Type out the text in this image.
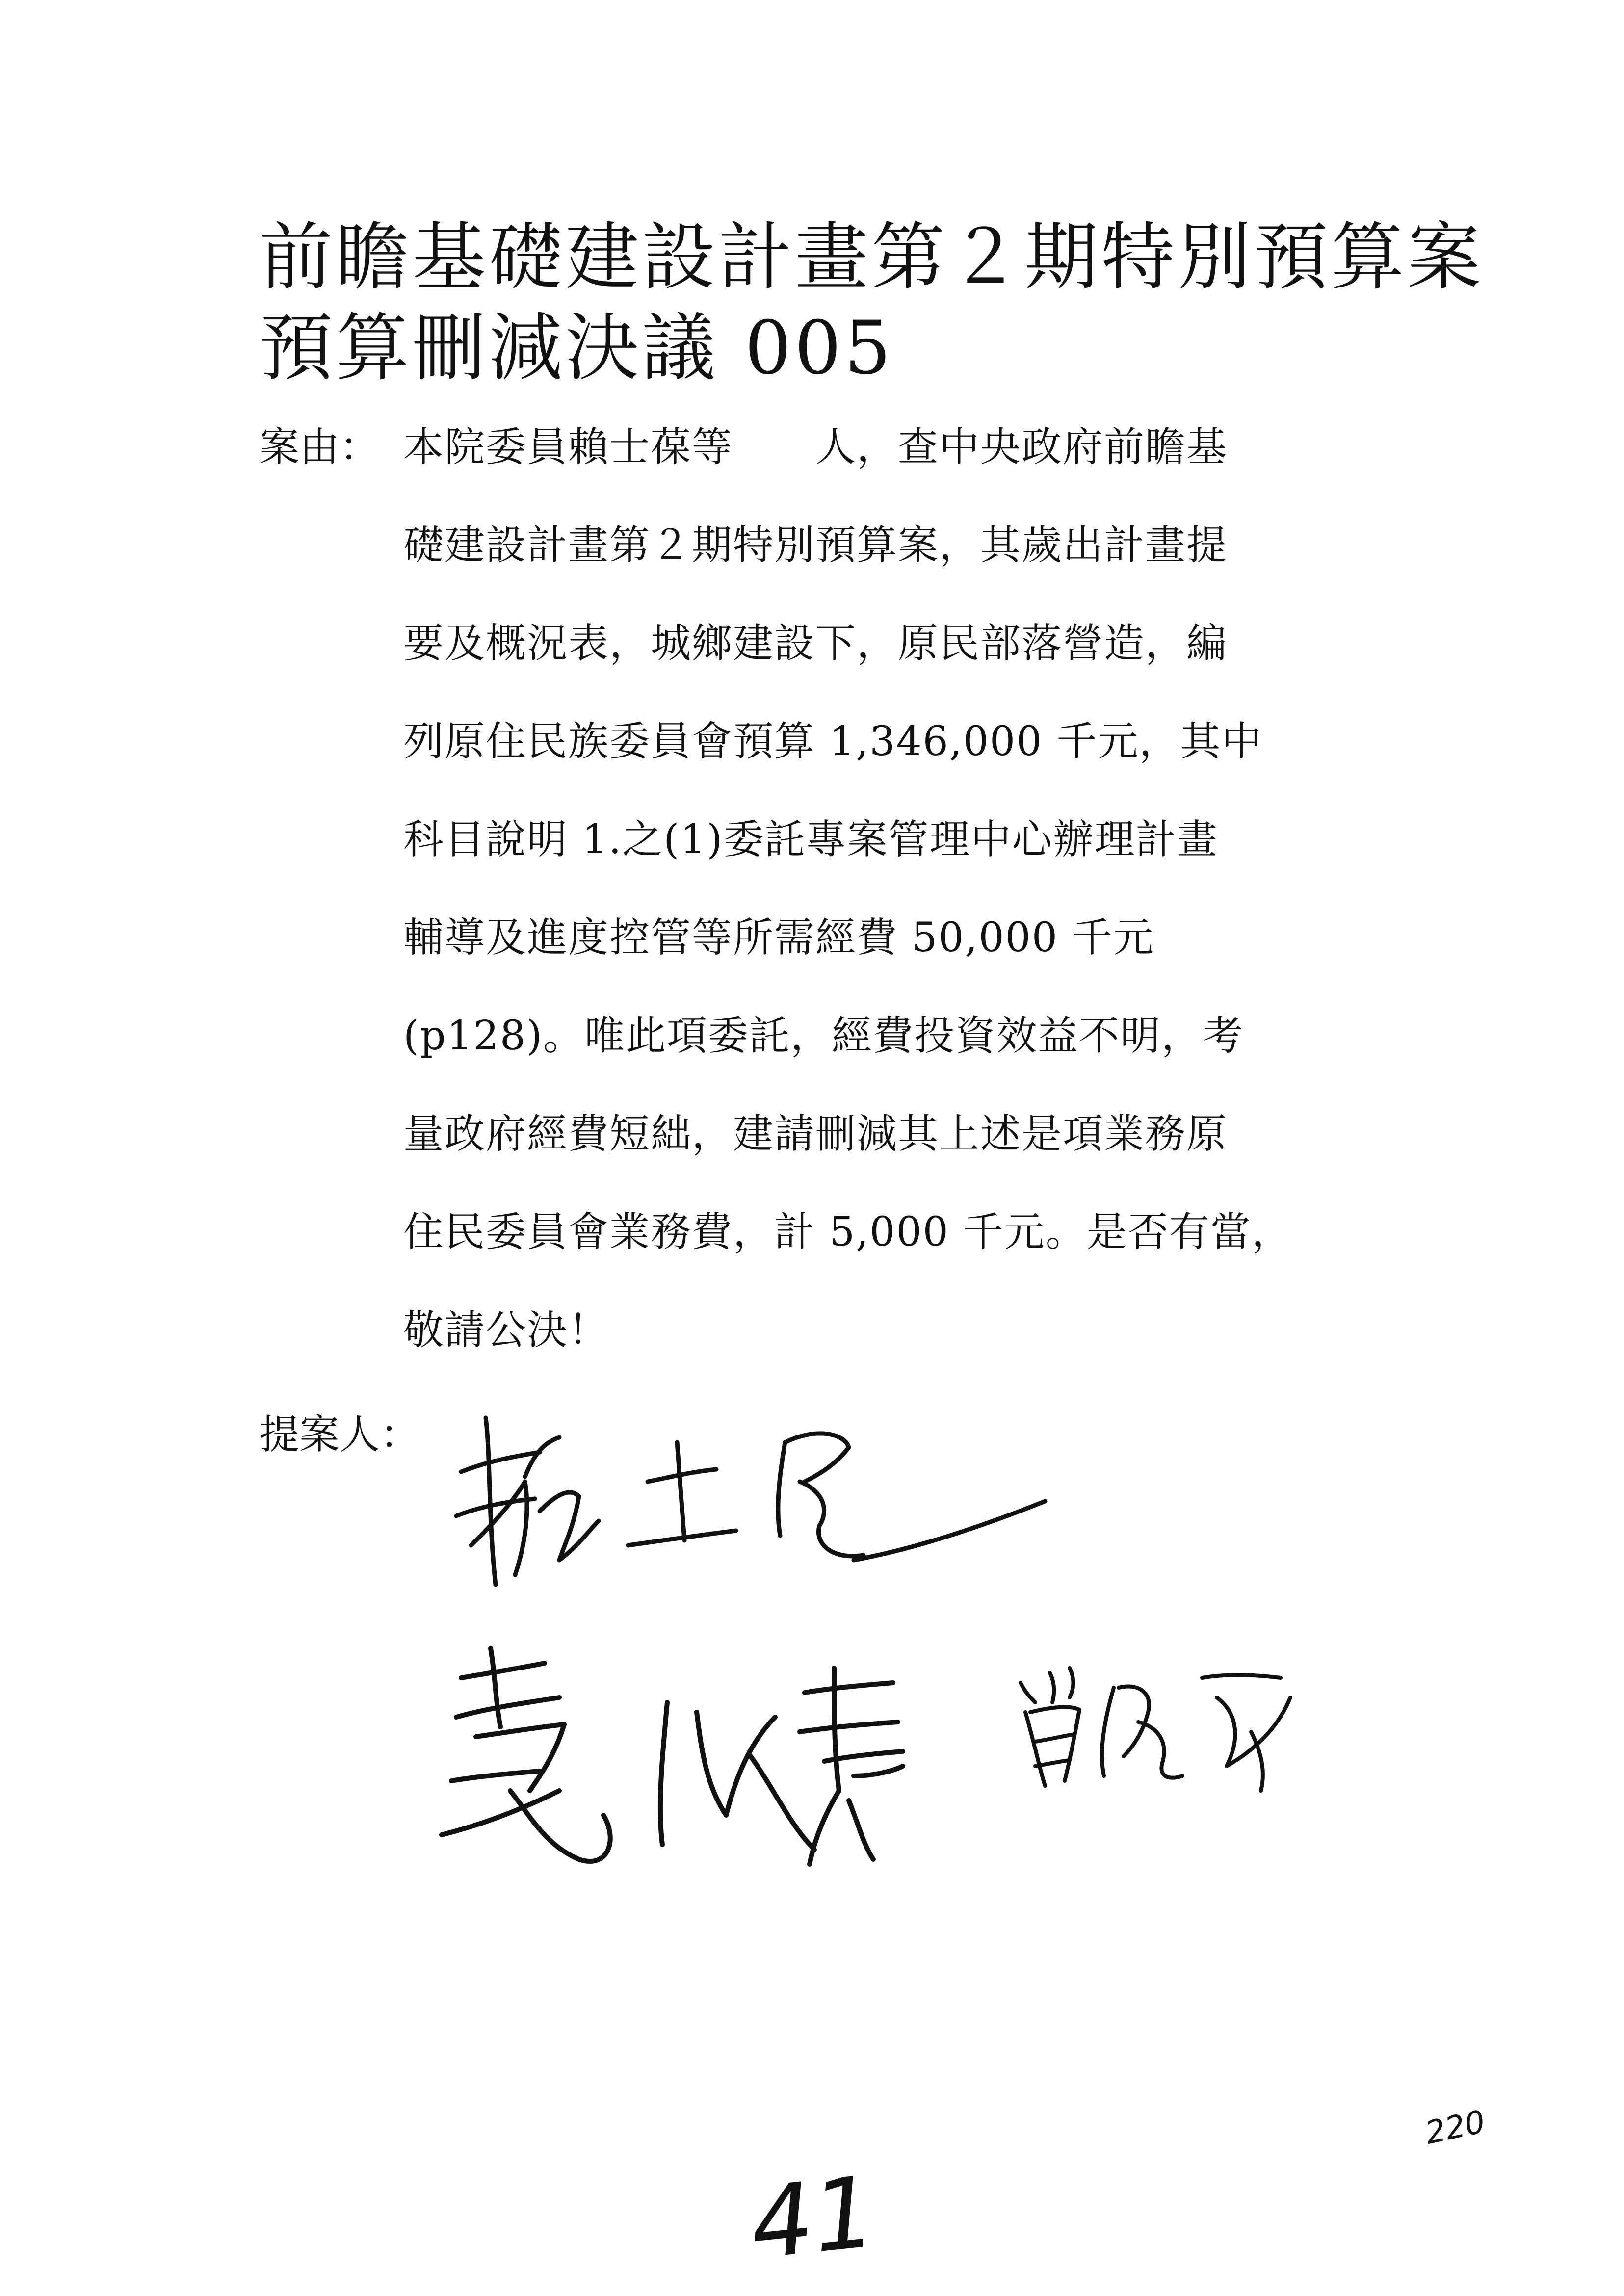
前瞻基礎建設計畫第２期特別預算案
預算刪減決議 005
案由： 本院委員賴士葆等　　人，查中央政府前瞻基
礎建設計畫第２期特別預算案，其歲出計畫提
要及概況表，城鄉建設下，原民部落營造，編
列原住民族委員會預算 1,346,000 千元，其中
科目說明 1.之(1)委託專案管理中心辦理計畫
輔導及進度控管等所需經費 50,000 千元
(p128)。唯此項委託，經費投資效益不明，考
量政府經費短絀，建請刪減其上述是項業務原
住民委員會業務費，計 5,000 千元。是否有當，
敬請公決！
提案人：
41
220
